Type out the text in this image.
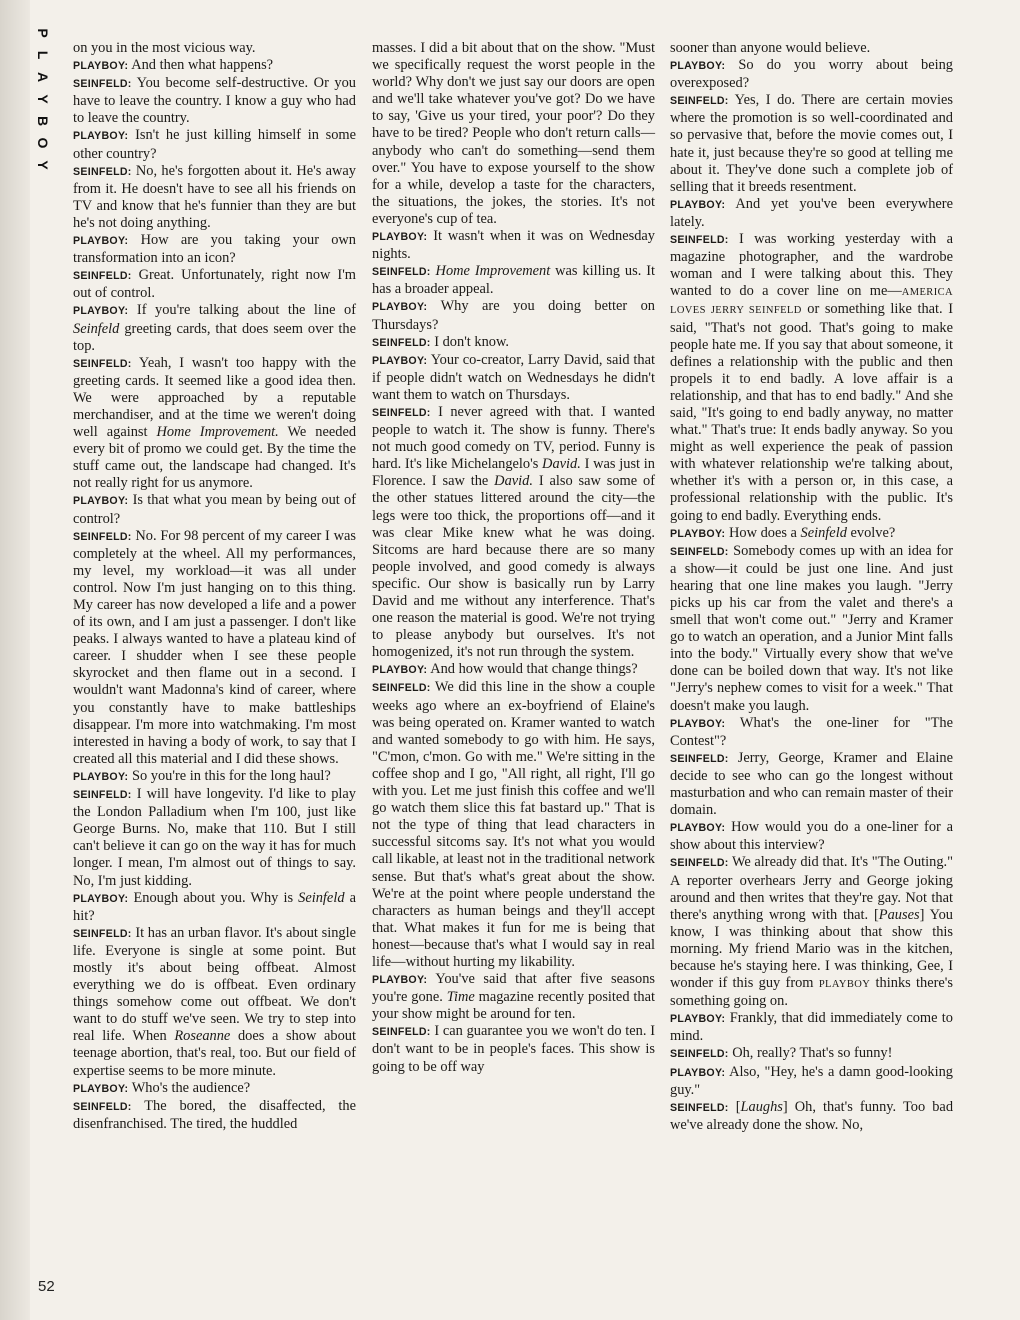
P
L
A
Y
B
O
Y

on you in the most vicious way.

PLAYBOY: And then what happens?

SEINFELD: You become self-destructive. Or you have to leave the country. I know a guy who had to leave the country.

PLAYBOY: Isn't he just killing himself in some other country?

SEINFELD: No, he's forgotten about it. He's away from it. He doesn't have to see all his friends on TV and know that he's funnier than they are but he's not doing anything.

PLAYBOY: How are you taking your own transformation into an icon?

SEINFELD: Great. Unfortunately, right now I'm out of control.

PLAYBOY: If you're talking about the line of Seinfeld greeting cards, that does seem over the top.

SEINFELD: Yeah, I wasn't too happy with the greeting cards. It seemed like a good idea then. We were approached by a reputable merchandiser, and at the time we weren't doing well against Home Improvement. We needed every bit of promo we could get. By the time the stuff came out, the landscape had changed. It's not really right for us anymore.

PLAYBOY: Is that what you mean by being out of control?

SEINFELD: No. For 98 percent of my career I was completely at the wheel. All my performances, my level, my workload—it was all under control. Now I'm just hanging on to this thing. My career has now developed a life and a power of its own, and I am just a passenger. I don't like peaks. I always wanted to have a plateau kind of career. I shudder when I see these people skyrocket and then flame out in a second. I wouldn't want Madonna's kind of career, where you constantly have to make battleships disappear. I'm more into watchmaking. I'm most interested in having a body of work, to say that I created all this material and I did these shows.

PLAYBOY: So you're in this for the long haul?

SEINFELD: I will have longevity. I'd like to play the London Palladium when I'm 100, just like George Burns. No, make that 110. But I still can't believe it can go on the way it has for much longer. I mean, I'm almost out of things to say. No, I'm just kidding.

PLAYBOY: Enough about you. Why is Seinfeld a hit?

SEINFELD: It has an urban flavor. It's about single life. Everyone is single at some point. But mostly it's about being offbeat. Almost everything we do is offbeat. Even ordinary things somehow come out offbeat. We don't want to do stuff we've seen. We try to step into real life. When Roseanne does a show about teenage abortion, that's real, too. But our field of expertise seems to be more minute.

PLAYBOY: Who's the audience?

SEINFELD: The bored, the disaffected, the disenfranchised. The tired, the huddled

masses. I did a bit about that on the show. "Must we specifically request the worst people in the world? Why don't we just say our doors are open and we'll take whatever you've got? Do we have to say, 'Give us your tired, your poor'? Do they have to be tired? People who don't return calls—anybody who can't do something—send them over." You have to expose yourself to the show for a while, develop a taste for the characters, the situations, the jokes, the stories. It's not everyone's cup of tea.

PLAYBOY: It wasn't when it was on Wednesday nights.

SEINFELD: Home Improvement was killing us. It has a broader appeal.

PLAYBOY: Why are you doing better on Thursdays?

SEINFELD: I don't know.

PLAYBOY: Your co-creator, Larry David, said that if people didn't watch on Wednesdays he didn't want them to watch on Thursdays.

SEINFELD: I never agreed with that. I wanted people to watch it. The show is funny. There's not much good comedy on TV, period. Funny is hard. It's like Michelangelo's David. I was just in Florence. I saw the David. I also saw some of the other statues littered around the city—the legs were too thick, the proportions off—and it was clear Mike knew what he was doing. Sitcoms are hard because there are so many people involved, and good comedy is always specific. Our show is basically run by Larry David and me without any interference. That's one reason the material is good. We're not trying to please anybody but ourselves. It's not homogenized, it's not run through the system.

PLAYBOY: And how would that change things?

SEINFELD: We did this line in the show a couple weeks ago where an ex-boyfriend of Elaine's was being operated on. Kramer wanted to watch and wanted somebody to go with him. He says, "C'mon, c'mon. Go with me." We're sitting in the coffee shop and I go, "All right, all right, I'll go with you. Let me just finish this coffee and we'll go watch them slice this fat bastard up." That is not the type of thing that lead characters in successful sitcoms say. It's not what you would call likable, at least not in the traditional network sense. But that's what's great about the show. We're at the point where people understand the characters as human beings and they'll accept that. What makes it fun for me is being that honest—because that's what I would say in real life—without hurting my likability.

PLAYBOY: You've said that after five seasons you're gone. Time magazine recently posited that your show might be around for ten.

SEINFELD: I can guarantee you we won't do ten. I don't want to be in people's faces. This show is going to be off way

sooner than anyone would believe.

PLAYBOY: So do you worry about being overexposed?

SEINFELD: Yes, I do. There are certain movies where the promotion is so well-coordinated and so pervasive that, before the movie comes out, I hate it, just because they're so good at telling me about it. They've done such a complete job of selling that it breeds resentment.

PLAYBOY: And yet you've been everywhere lately.

SEINFELD: I was working yesterday with a magazine photographer, and the wardrobe woman and I were talking about this. They wanted to do a cover line on me—AMERICA LOVES JERRY SEINFELD or something like that. I said, "That's not good. That's going to make people hate me. If you say that about someone, it defines a relationship with the public and then propels it to end badly. A love affair is a relationship, and that has to end badly." And she said, "It's going to end badly anyway, no matter what." That's true: It ends badly anyway. So you might as well experience the peak of passion with whatever relationship we're talking about, whether it's with a person or, in this case, a professional relationship with the public. It's going to end badly. Everything ends.

PLAYBOY: How does a Seinfeld evolve?

SEINFELD: Somebody comes up with an idea for a show—it could be just one line. And just hearing that one line makes you laugh. "Jerry picks up his car from the valet and there's a smell that won't come out." "Jerry and Kramer go to watch an operation, and a Junior Mint falls into the body." Virtually every show that we've done can be boiled down that way. It's not like "Jerry's nephew comes to visit for a week." That doesn't make you laugh.

PLAYBOY: What's the one-liner for "The Contest"?

SEINFELD: Jerry, George, Kramer and Elaine decide to see who can go the longest without masturbation and who can remain master of their domain.

PLAYBOY: How would you do a one-liner for a show about this interview?

SEINFELD: We already did that. It's "The Outing." A reporter overhears Jerry and George joking around and then writes that they're gay. Not that there's anything wrong with that. [Pauses] You know, I was thinking about that show this morning. My friend Mario was in the kitchen, because he's staying here. I was thinking, Gee, I wonder if this guy from PLAYBOY thinks there's something going on.

PLAYBOY: Frankly, that did immediately come to mind.

SEINFELD: Oh, really? That's so funny!

PLAYBOY: Also, "Hey, he's a damn good-looking guy."

SEINFELD: [Laughs] Oh, that's funny. Too bad we've already done the show. No,

52
